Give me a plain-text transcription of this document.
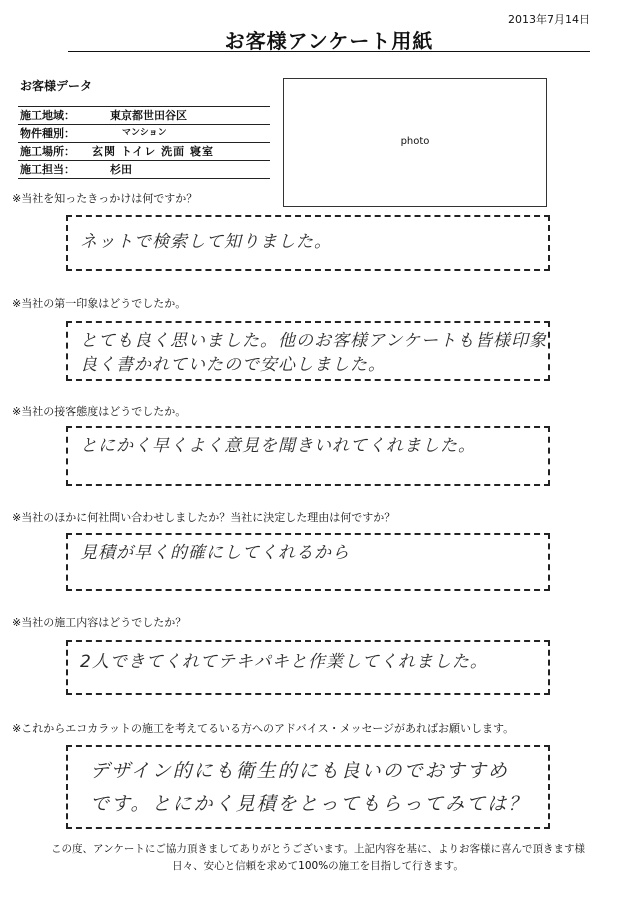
2013年7月14日
お客様アンケート用紙
お客様データ
施工地域：	東京都世田谷区
物件種別：	マンション
施工場所： 玄関 トイレ 洗面 寝室
施工担当：	杉田
photo
※当社を知ったきっかけは何ですか？
ネットで検索して知りました。
※当社の第一印象はどうでしたか。
とても良く思いました。他のお客様アンケートも皆様印象
良く書かれていたので安心しました。
※当社の接客態度はどうでしたか。
とにかく早くよく意見を聞きいれてくれました。
※当社のほかに何社問い合わせしましたか？当社に決定した理由は何ですか？
見積が早く的確にしてくれるから
※当社の施工内容はどうでしたか？
2人できてくれてテキパキと作業してくれました。
※これからエコカラットの施工を考えてるいる方へのアドバイス・メッセージがあればお願いします。
デザイン的にも衛生的にも良いのでおすすめ
です。とにかく見積をとってもらってみては？
この度、アンケートにご協力頂きましてありがとうございます。上記内容を基に、よりお客様に喜んで頂きます様
日々、安心と信頼を求めて100%の施工を目指して行きます。
